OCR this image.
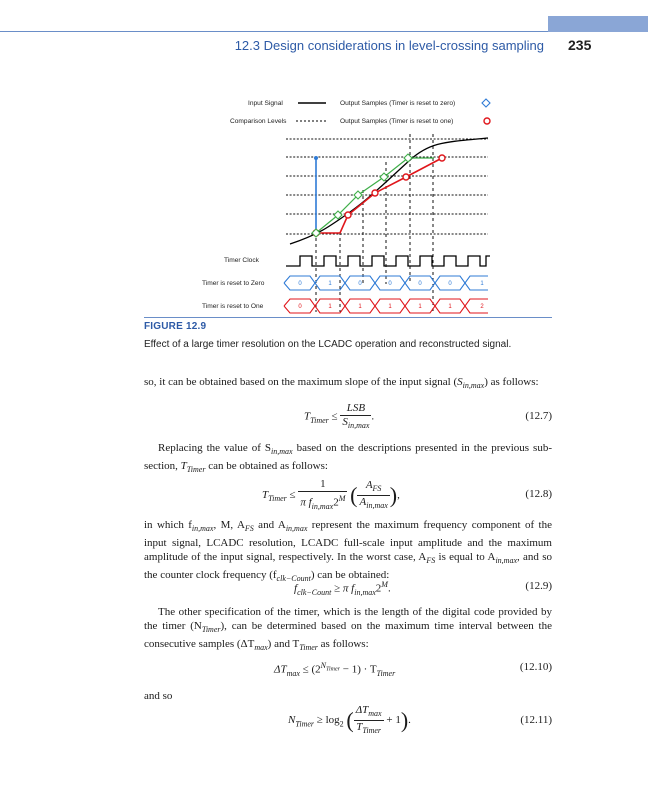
12.3 Design considerations in level-crossing sampling 235
Input Signal	Output Samples (Timer is reset to zero)
Comparison Levels	Output Samples (Timer is reset to one)
Timer Clock
Timer is reset to Zero	0	1	0	0	0	0	1
Timer is reset to One	0	1	1	1	1	1	2
FIGURE 12.9
Effect of a large timer resolution on the LCADC operation and reconstructed signal.
so, it can be obtained based on the maximum slope of the input signal $(S_{in,max})$ as follows:
$T_{Timer} \le \frac{\text{LSB}}{S_{in,max}}$ .	(12.7)
Replacing the value of $S_{in,max}$ based on the descriptions presented in the previous sub-section, $T_{Timer}$ can be obtained as follows:
$T_{Timer} \le \frac{1}{\pi f_{in,max}2^M}$ ( $\frac{A_{FS}}{A_{in,max}}$ ),	(12.8)
in which $f_{in,max}$, M, $A_{FS}$ and $A_{in,max}$ represent the maximum frequency component of the input signal, LCADC resolution, LCADC full-scale input amplitude and the maximum amplitude of the input signal, respectively. In the worst case, $A_{FS}$ is equal to $A_{in,max}$, and so the counter clock frequency $(f_{clk-Count})$ can be obtained:
$f_{clk-Count} \ge \pi$ $f_{in,max}2^M$.	(12.9)
The other specification of the timer, which is the length of the digital code provided by the timer $(N_{Timer})$, can be determined based on the maximum time interval between the consecutive samples $(\Delta T_{max})$ and $T_{Timer}$ as follows:
$\Delta T_{max} \le (2^{N_{Timer}} - 1) \cdot T_{Timer}$
(12.10)
and so
$N_{Timer} \ge \log_2$ ( $\frac{\Delta T_{max}}{T_{Timer}} + 1$).	(12.11)
